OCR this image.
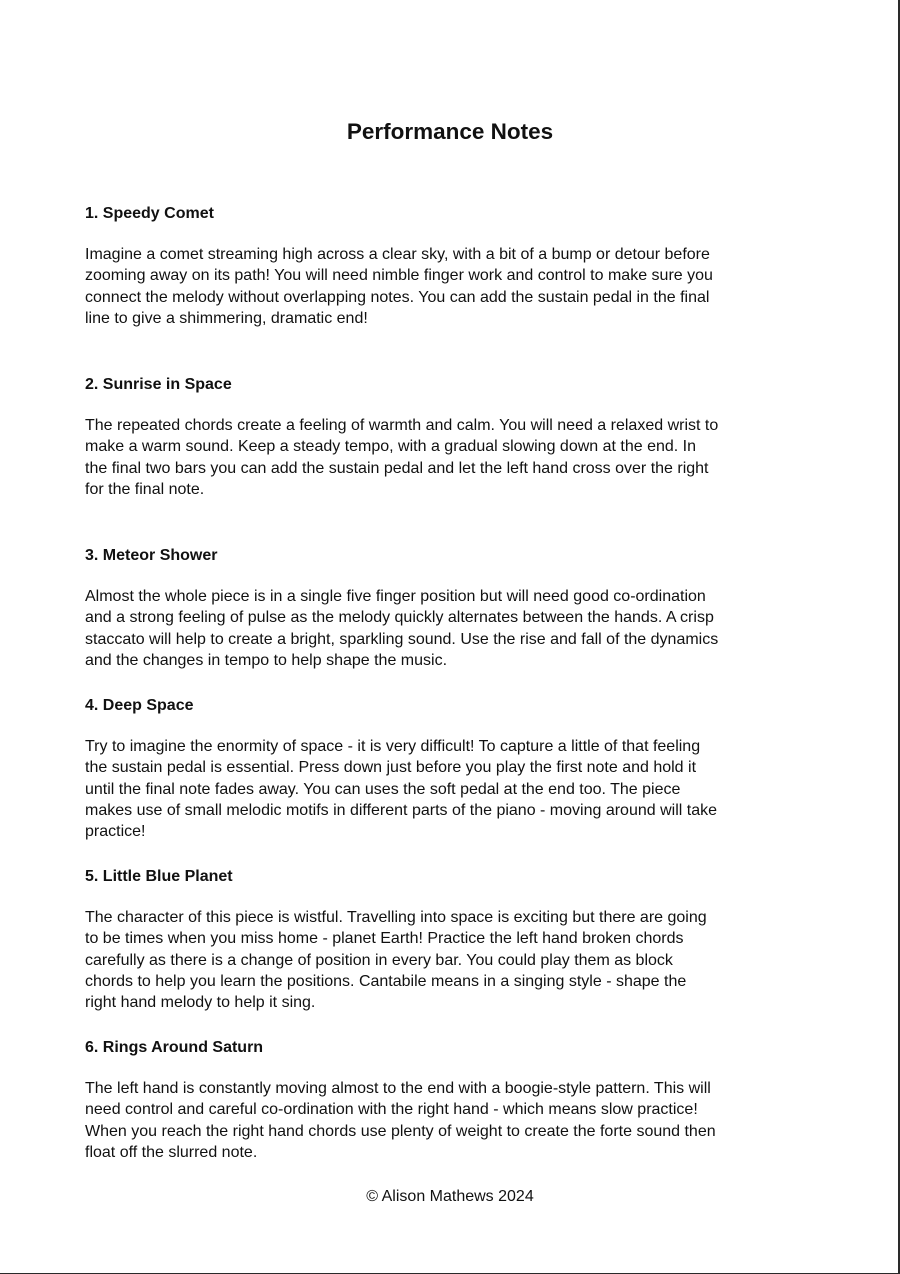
Performance Notes
1. Speedy Comet
Imagine a comet streaming high across a clear sky, with a bit of a bump or detour before
zooming away on its path! You will need nimble finger work and control to make sure you
connect the melody without overlapping notes. You can add the sustain pedal in the final
line to give a shimmering, dramatic end!
2. Sunrise in Space
The repeated chords create a feeling of warmth and calm. You will need a relaxed wrist to
make a warm sound. Keep a steady tempo, with a gradual slowing down at the end. In
the final two bars you can add the sustain pedal and let the left hand cross over the right
for the final note.
3. Meteor Shower
Almost the whole piece is in a single five finger position but will need good co-ordination
and a strong feeling of pulse as the melody quickly alternates between the hands. A crisp
staccato will help to create a bright, sparkling sound. Use the rise and fall of the dynamics
and the changes in tempo to help shape the music.
4. Deep Space
Try to imagine the enormity of space - it is very difficult! To capture a little of that feeling
the sustain pedal is essential. Press down just before you play the first note and hold it
until the final note fades away. You can uses the soft pedal at the end too. The piece
makes use of small melodic motifs in different parts of the piano - moving around will take
practice!
5. Little Blue Planet
The character of this piece is wistful. Travelling into space is exciting but there are going
to be times when you miss home - planet Earth! Practice the left hand broken chords
carefully as there is a change of position in every bar. You could play them as block
chords to help you learn the positions. Cantabile means in a singing style - shape the
right hand melody to help it sing.
6. Rings Around Saturn
The left hand is constantly moving almost to the end with a boogie-style pattern. This will
need control and careful co-ordination with the right hand - which means slow practice!
When you reach the right hand chords use plenty of weight to create the forte sound then
float off the slurred note.
© Alison Mathews 2024
